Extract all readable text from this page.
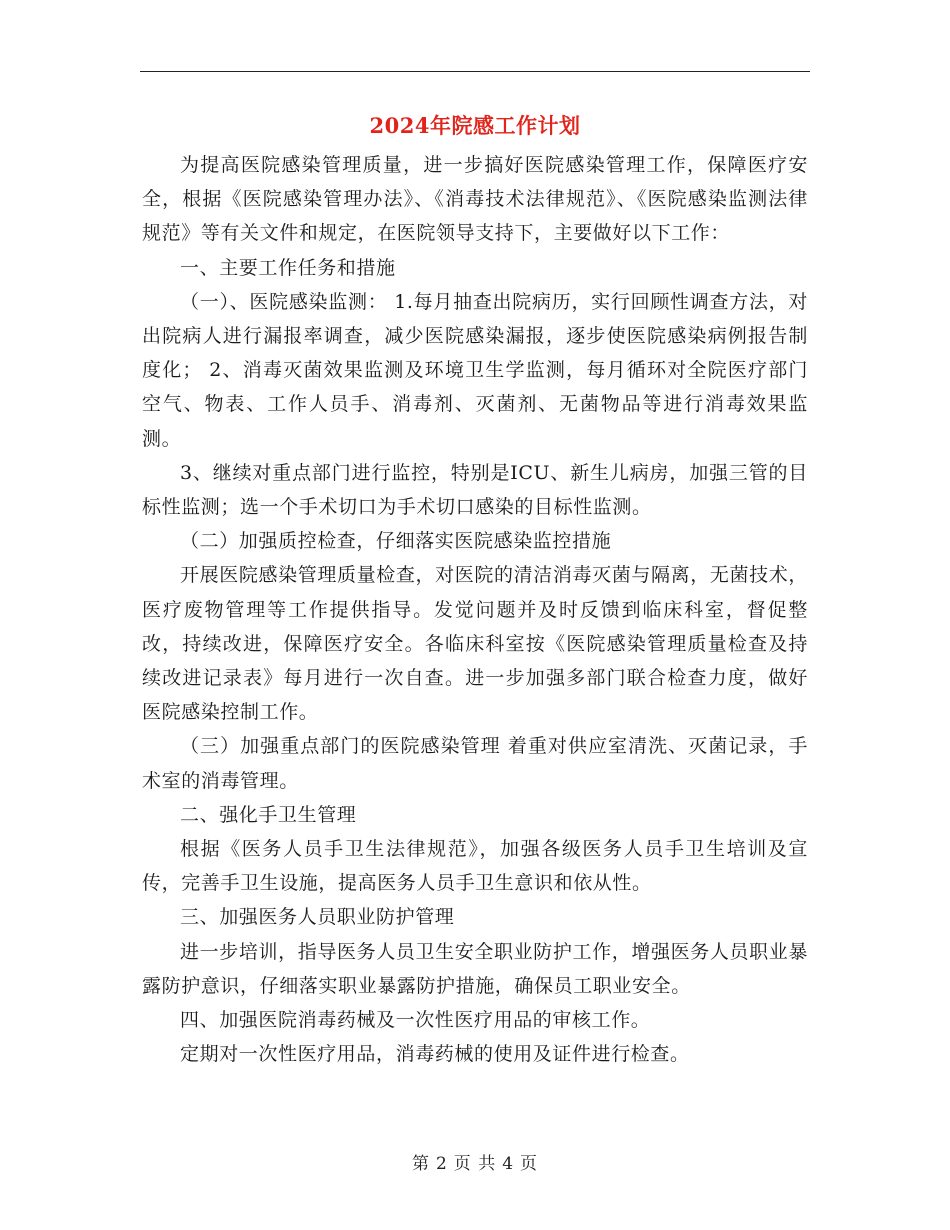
2024年院感工作计划

为提高医院感染管理质量，进一步搞好医院感染管理工作，保障医疗安全，根据《医院感染管理办法》、《消毒技术法律规范》、《医院感染监测法律规范》等有关文件和规定，在医院领导支持下，主要做好以下工作：

一、主要工作任务和措施

（一）、医院感染监测： 1.每月抽查出院病历，实行回顾性调查方法，对出院病人进行漏报率调查，减少医院感染漏报，逐步使医院感染病例报告制度化； 2、消毒灭菌效果监测及环境卫生学监测，每月循环对全院医疗部门空气、物表、工作人员手、消毒剂、灭菌剂、无菌物品等进行消毒效果监测。

3、继续对重点部门进行监控，特别是ICU、新生儿病房，加强三管的目标性监测；选一个手术切口为手术切口感染的目标性监测。

（二）加强质控检查，仔细落实医院感染监控措施

开展医院感染管理质量检查，对医院的清洁消毒灭菌与隔离，无菌技术，医疗废物管理等工作提供指导。发觉问题并及时反馈到临床科室，督促整改，持续改进，保障医疗安全。各临床科室按《医院感染管理质量检查及持续改进记录表》每月进行一次自查。进一步加强多部门联合检查力度，做好医院感染控制工作。

（三）加强重点部门的医院感染管理 着重对供应室清洗、灭菌记录，手术室的消毒管理。

二、强化手卫生管理

根据《医务人员手卫生法律规范》，加强各级医务人员手卫生培训及宣传，完善手卫生设施，提高医务人员手卫生意识和依从性。

三、加强医务人员职业防护管理

进一步培训，指导医务人员卫生安全职业防护工作，增强医务人员职业暴露防护意识，仔细落实职业暴露防护措施，确保员工职业安全。

四、加强医院消毒药械及一次性医疗用品的审核工作。

定期对一次性医疗用品，消毒药械的使用及证件进行检查。

第 2 页 共 4 页
